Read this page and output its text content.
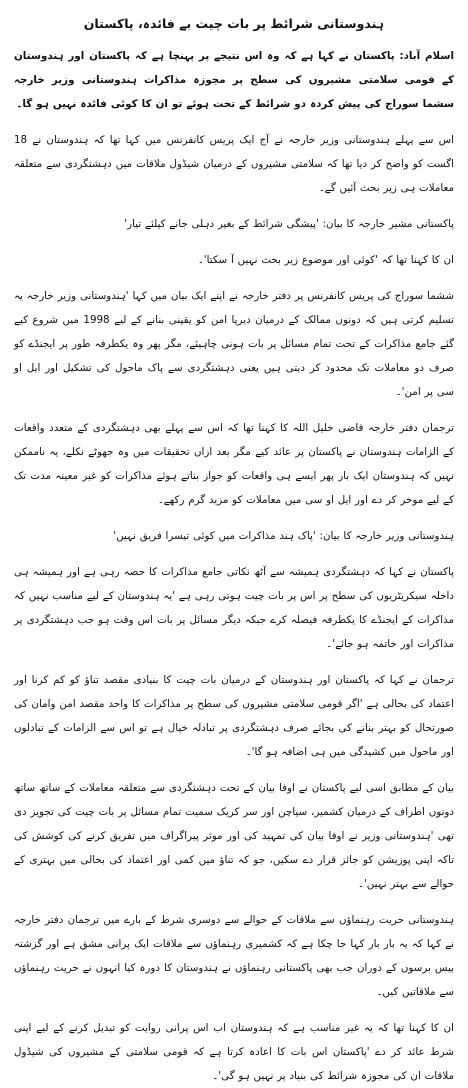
ہندوستانی شرائط پر بات چیت بے فائدہ، پاکستان

اسلام آباد: پاکستان نے کہا ہے کہ وہ اس نتیجے پر پہنچا ہے کہ پاکستان اور ہندوستان کے قومی سلامتی مشیروں کی سطح پر مجوزہ مذاکرات ہندوستانی وزیر خارجہ سشما سوراج کی پیش کردہ دو شرائط کے تحت ہوئے تو ان کا کوئی فائدہ نہیں ہو گا۔

اس سے پہلے ہندوستانی وزیر خارجہ نے آج ایک پریس کانفرنس میں کہا تھا کہ ہندوستان نے 18 اگست کو واضح کر دیا تھا کہ سلامتی مشیروں کے درمیان شیڈول ملاقات میں دہشتگردی سے متعلقہ معاملات ہی زیر بحث آئیں گے۔

پاکستانی مشیر خارجہ کا بیان: 'پیشگی شرائط کے بغیر دہلی جانے کیلئے تیار'

ان کا کہنا تھا کہ 'کوئی اور موضوع زیر بحث نہیں آ سکتا'۔

ششما سوراج کی پریس کانفرنس پر دفتر خارجہ نے اپنے ایک بیان میں کہا 'ہندوستانی وزیر خارجہ یہ تسلیم کرتی ہیں کہ دونوں ممالک کے درمیان دیرپا امن کو یقینی بنانے کے لیے 1998 میں شروع کیے گئے جامع مذاکرات کے تحت تمام مسائل پر بات ہونی چاہیئے، مگر پھر وہ یکطرفہ طور پر ایجنڈے کو صرف دو معاملات تک محدود کر دیتی ہیں یعنی دہشتگردی سے پاک ماحول کی تشکیل اور ایل او سی پر امن'۔

ترجمان دفتر خارجہ قاضی خلیل اللہ کا کہنا تھا کہ اس سے پہلے بھی دہشتگردی کے متعدد واقعات کے الزامات ہندوستان نے پاکستان پر عائد کیے مگر بعد ازاں تحقیقات میں وہ جھوٹے نکلے، یہ ناممکن نہیں کہ ہندوستان ایک بار پھر ایسے ہی واقعات کو جواز بناتے ہوئے مذاکرات کو غیر معینہ مدت تک کے لیے موخر کر دے اور ایل او سی میں معاملات کو مزید گرم رکھے۔

ہندوستانی وزیر خارجہ کا بیان: 'پاک ہند مذاکرات میں کوئی تیسرا فریق نہیں'

پاکستان نے کہا کہ دہشتگردی ہمیشہ سے آٹھ نکاتی جامع مذاکرات کا حصہ رہی ہے اور ہمیشہ ہی داخلہ سیکریٹریوں کی سطح پر اس پر بات چیت ہوتی رہی ہے 'یہ ہندوستان کے لیے مناسب نہیں کہ مذاکرات کے ایجنڈے کا یکطرفہ فیصلہ کرے جبکہ دیگر مسائل پر بات اس وقت ہو جب دہشتگردی پر مذاکرات اور خاتمہ ہو جائے'۔

ترجمان نے کہا کہ پاکستان اور ہندوستان کے درمیان بات چیت کا بنیادی مقصد تناؤ کو کم کرنا اور اعتماد کی بحالی ہے 'اگر قومی سلامتی مشیروں کی سطح پر مذاکرات کا واحد مقصد امن وامان کی صورتحال کو بہتر بنانے کی بجائے صرف دہشتگردی پر تبادلہ خیال ہے تو اس سے الزامات کے تبادلوں اور ماحول میں کشیدگی میں ہی اضافہ ہو گا'۔

بیان کے مطابق اسی لیے پاکستان نے اوفا بیان کے تحت دہشتگردی سے متعلقہ معاملات کے ساتھ ساتھ دونوں اطراف کے درمیان کشمیر، سیاچن اور سر کریک سمیت تمام مسائل پر بات چیت کی تجویز دی تھی 'ہندوستانی وزیر نے اوفا بیان کی تمہید کی اور موثر پیراگراف میں تفریق کرنے کی کوشش کی تاکہ اپنی پوزیشن کو جائز قرار دے سکیں، جو کہ تناؤ میں کمی اور اعتماد کی بحالی میں بہتری کے حوالے سے بہتر نہیں'۔

ہندوستانی حریت رہنماؤں سے ملاقات کے حوالے سے دوسری شرط کے بارے میں ترجمان دفتر خارجہ نے کہا کہ یہ بار بار کہا جا چکا ہے کہ کشمیری رہنماؤں سے ملاقات ایک پرانی مشق ہے اور گزشتہ بیس برسوں کے دوران جب بھی پاکستانی رہنماؤں نے ہندوستان کا دورہ کیا انہوں نے حریت رہنماؤں سے ملاقاتیں کیں۔

ان کا کہنا تھا کہ یہ غیر مناسب ہے کہ ہندوستان اب اس پرانی روایت کو تبدیل کرنے کے لیے اپنی شرط عائد کر دے 'پاکستان اس بات کا اعادہ کرتا ہے کہ قومی سلامتی کے مشیروں کی شیڈول ملاقات ان کی مجوزہ شرائط کی بنیاد پر نہیں ہو گی'۔
